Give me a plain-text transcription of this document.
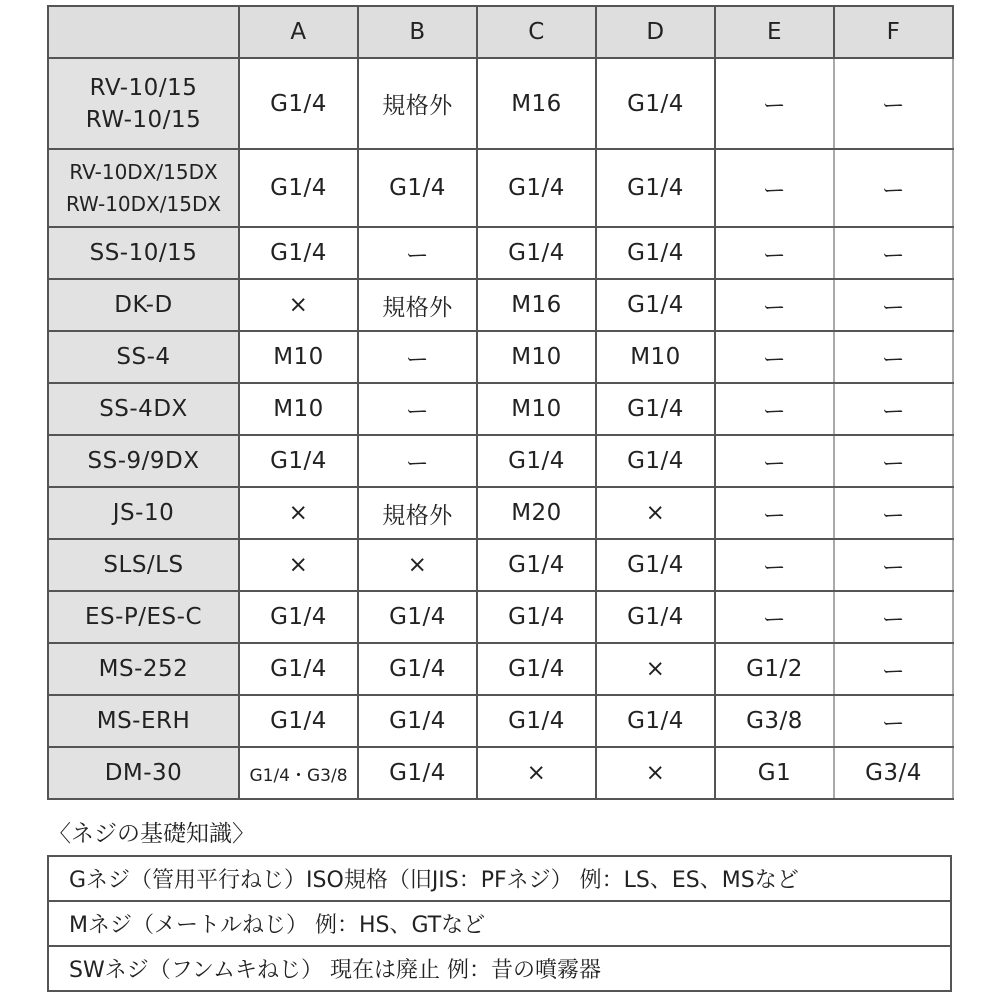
	A	B	C	D	E	F

RV-10/15
RW-10/15	G1/4	規格外	M16	G1/4	ー	ー

RV-10DX/15DX
RW-10DX/15DX	G1/4	G1/4	G1/4	G1/4	ー	ー

SS-10/15	G1/4	ー	G1/4	G1/4	ー	ー

DK-D	×	規格外	M16	G1/4	ー	ー

SS-4	M10	ー	M10	M10	ー	ー

SS-4DX	M10	ー	M10	G1/4	ー	ー

SS-9/9DX	G1/4	ー	G1/4	G1/4	ー	ー

JS-10	×	規格外	M20	×	ー	ー

SLS/LS	×	×	G1/4	G1/4	ー	ー

ES-P/ES-C	G1/4	G1/4	G1/4	G1/4	ー	ー

MS-252	G1/4	G1/4	G1/4	×	G1/2	ー

MS-ERH	G1/4	G1/4	G1/4	G1/4	G3/8	ー

DM-30	G1/4・G3/8	G1/4	×	×	G1	G3/4
〈ネジの基礎知識〉
Gネジ（管用平行ねじ）ISO規格（旧JIS：PFネジ） 例：LS、ES、MSなど
Mネジ（メートルねじ） 例：HS、GTなど
SWネジ（フンムキねじ） 現在は廃止 例：昔の噴霧器
